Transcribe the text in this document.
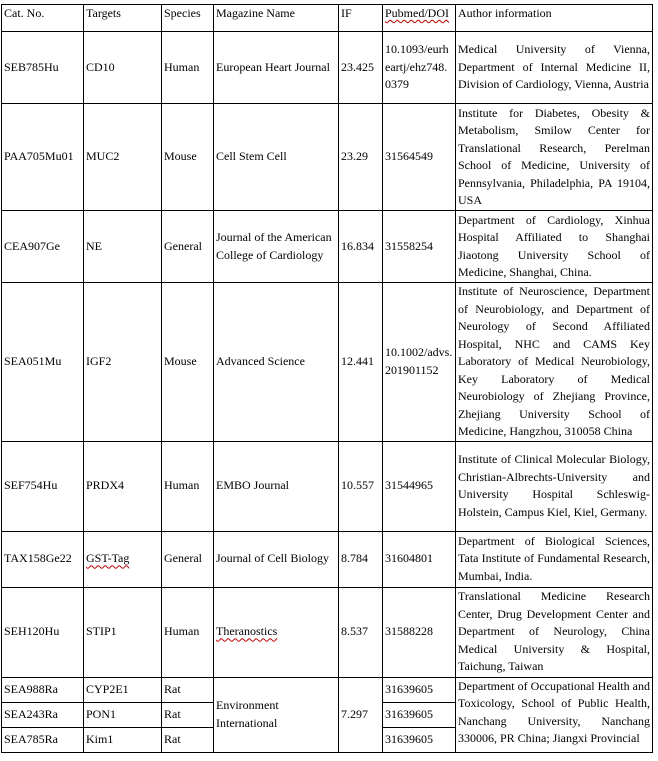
Cat. No.	Targets	Species	Magazine Name	IF	Pubmed/DOI	Author information
SEB785Hu	CD10	Human	European Heart Journal	23.425	10.1093/eurheartj/ehz748.0379	Medical University of Vienna, Department of Internal Medicine II, Division of Cardiology, Vienna, Austria
PAA705Mu01	MUC2	Mouse	Cell Stem Cell	23.29	31564549	Institute for Diabetes, Obesity & Metabolism, Smilow Center for Translational Research, Perelman School of Medicine, University of Pennsylvania, Philadelphia, PA 19104, USA
CEA907Ge	NE	General	Journal of the American College of Cardiology	16.834	31558254	Department of Cardiology, Xinhua Hospital Affiliated to Shanghai Jiaotong University School of Medicine, Shanghai, China.
SEA051Mu	IGF2	Mouse	Advanced Science	12.441	10.1002/advs.201901152	Institute of Neuroscience, Department of Neurobiology, and Department of Neurology of Second Affiliated Hospital, NHC and CAMS Key Laboratory of Medical Neurobiology, Key Laboratory of Medical Neurobiology of Zhejiang Province, Zhejiang University School of Medicine, Hangzhou, 310058 China
SEF754Hu	PRDX4	Human	EMBO Journal	10.557	31544965	Institute of Clinical Molecular Biology, Christian-Albrechts-University and University Hospital Schleswig-Holstein, Campus Kiel, Kiel, Germany.
TAX158Ge22	GST-Tag	General	Journal of Cell Biology	8.784	31604801	Department of Biological Sciences, Tata Institute of Fundamental Research, Mumbai, India.
SEH120Hu	STIP1	Human	Theranostics	8.537	31588228	Translational Medicine Research Center, Drug Development Center and Department of Neurology, China Medical University & Hospital, Taichung, Taiwan
SEA988Ra	CYP2E1	Rat	Environment International	7.297	31639605	Department of Occupational Health and Toxicology, School of Public Health, Nanchang University, Nanchang 330006, PR China; Jiangxi Provincial
SEA243Ra	PON1	Rat			31639605	
SEA785Ra	Kim1	Rat			31639605	
